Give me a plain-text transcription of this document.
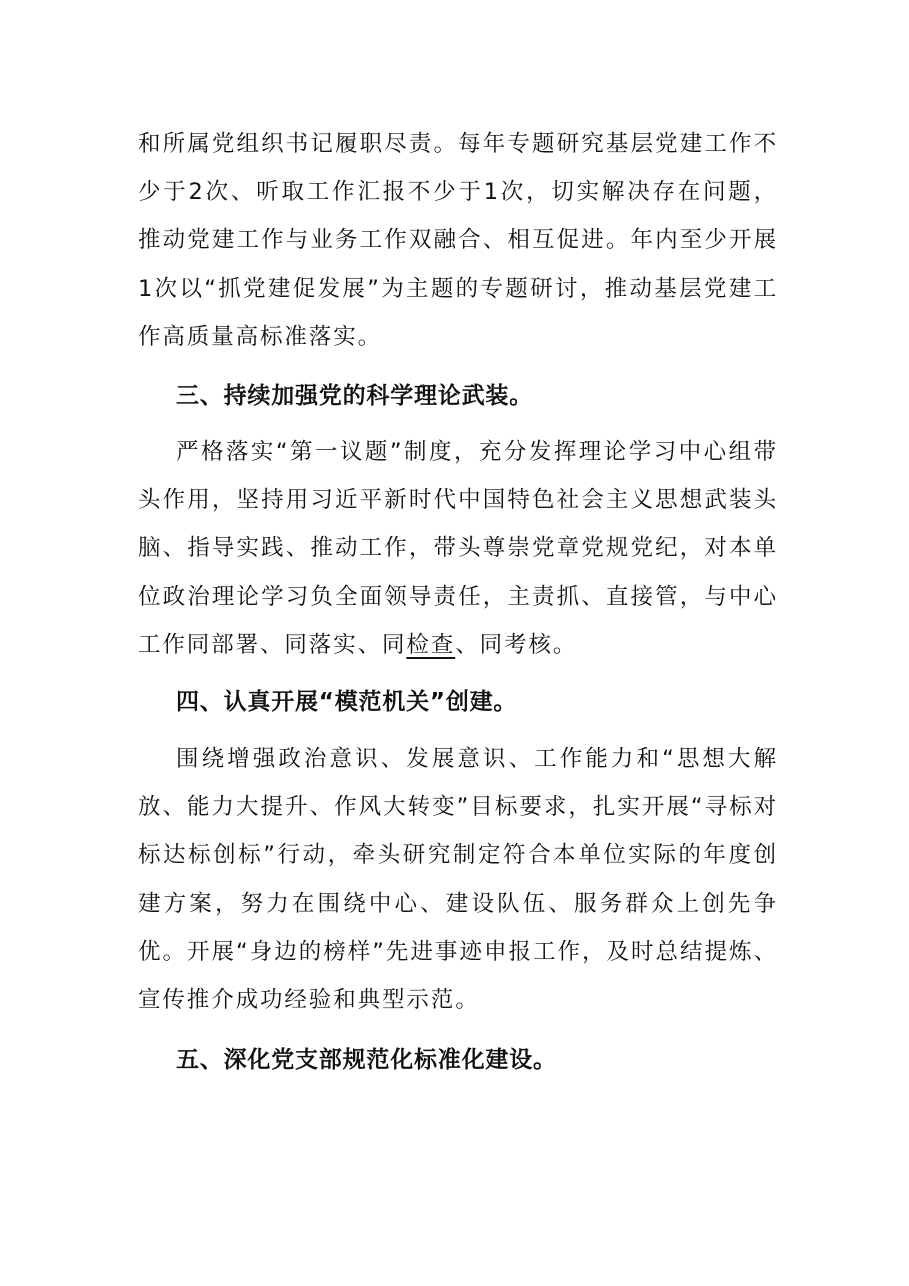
和所属党组织书记履职尽责。每年专题研究基层党建工作不少于2次、听取工作汇报不少于1次，切实解决存在问题，推动党建工作与业务工作双融合、相互促进。年内至少开展1次以“抓党建促发展”为主题的专题研讨，推动基层党建工作高质量高标准落实。

三、持续加强党的科学理论武装。

严格落实“第一议题”制度，充分发挥理论学习中心组带头作用，坚持用习近平新时代中国特色社会主义思想武装头脑、指导实践、推动工作，带头尊崇党章党规党纪，对本单位政治理论学习负全面领导责任，主责抓、直接管，与中心工作同部署、同落实、同检查、同考核。

四、认真开展“模范机关”创建。

围绕增强政治意识、发展意识、工作能力和“思想大解放、能力大提升、作风大转变”目标要求，扎实开展“寻标对标达标创标”行动，牵头研究制定符合本单位实际的年度创建方案，努力在围绕中心、建设队伍、服务群众上创先争优。开展“身边的榜样”先进事迹申报工作，及时总结提炼、宣传推介成功经验和典型示范。

五、深化党支部规范化标准化建设。
